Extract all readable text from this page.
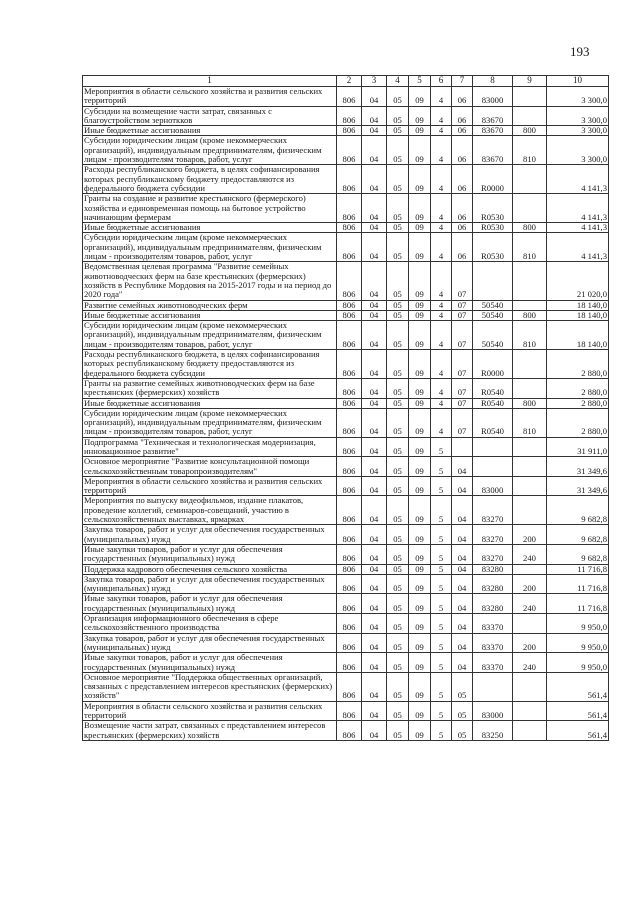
193
1	2	3	4	5	6	7	8	9	10
Мероприятия в области сельского хозяйства и развития сельских территорий	806	04	05	09	4	06	83000		3 300,0
Субсидии на возмещение части затрат, связанных с благоустройством зерноткков	806	04	05	09	4	06	83670		3 300,0
Иные бюджетные ассигнования	806	04	05	09	4	06	83670	800	3 300,0
Субсидии юридическим лицам (кроме некоммерческих организаций), индивидуальным предпринимателям, физическим лицам - производителям товаров, работ, услуг	806	04	05	09	4	06	83670	810	3 300,0
Расходы республиканского бюджета, в целях софинансирования которых республиканскому бюджету предоставляются из федерального бюджета субсидии	806	04	05	09	4	06	R0000		4 141,3
Гранты на создание и развитие крестьянского (фермерского) хозяйства и единовременная помощь на бытовое устройство начинающим фермерам	806	04	05	09	4	06	R0530		4 141,3
Иные бюджетные ассигнования	806	04	05	09	4	06	R0530	800	4 141,3
Субсидии юридическим лицам (кроме некоммерческих организаций), индивидуальным предпринимателям, физическим лицам - производителям товаров, работ, услуг	806	04	05	09	4	06	R0530	810	4 141,3
Ведомственная целевая программа "Развитие семейных животноводческих ферм на базе крестьянских (фермерских) хозяйств в Республике Мордовия на 2015-2017 годы и на период до 2020 года"	806	04	05	09	4	07			21 020,0
Развитие семейных животноводческих ферм	806	04	05	09	4	07	50540		18 140,0
Иные бюджетные ассигнования	806	04	05	09	4	07	50540	800	18 140,0
Субсидии юридическим лицам (кроме некоммерческих организаций), индивидуальным предпринимателям, физическим лицам - производителям товаров, работ, услуг	806	04	05	09	4	07	50540	810	18 140,0
Расходы республиканского бюджета, в целях софинансирования которых республиканскому бюджету предоставляются из федерального бюджета субсидии	806	04	05	09	4	07	R0000		2 880,0
Гранты на развитие семейных животноводческих ферм на базе крестьянских (фермерских) хозяйств	806	04	05	09	4	07	R0540		2 880,0
Иные бюджетные ассигнования	806	04	05	09	4	07	R0540	800	2 880,0
Субсидии юридическим лицам (кроме некоммерческих организаций), индивидуальным предпринимателям, физическим лицам - производителям товаров, работ, услуг	806	04	05	09	4	07	R0540	810	2 880,0
Подпрограмма "Техническая и технологическая модернизация, инновационное развитие"	806	04	05	09	5				31 911,0
Основное мероприятие "Развитие консультационной помощи сельскохозяйственным товаропроизводителям"	806	04	05	09	5	04			31 349,6
Мероприятия в области сельского хозяйства и развития сельских территорий	806	04	05	09	5	04	83000		31 349,6
Мероприятия по выпуску видеофильмов, издание плакатов, проведение коллегий, семинаров-совещаний, участию в сельскохозяйственных выставках, ярмарках	806	04	05	09	5	04	83270		9 682,8
Закупка товаров, работ и услуг для обеспечения государственных (муниципальных) нужд	806	04	05	09	5	04	83270	200	9 682,8
Иные закупки товаров, работ и услуг для обеспечения государственных (муниципальных) нужд	806	04	05	09	5	04	83270	240	9 682,8
Поддержка кадрового обеспечения сельского хозяйства	806	04	05	09	5	04	83280		11 716,8
Закупка товаров, работ и услуг для обеспечения государственных (муниципальных) нужд	806	04	05	09	5	04	83280	200	11 716,8
Иные закупки товаров, работ и услуг для обеспечения государственных (муниципальных) нужд	806	04	05	09	5	04	83280	240	11 716,8
Организация информационного обеспечения в сфере сельскохозяйственного производства	806	04	05	09	5	04	83370		9 950,0
Закупка товаров, работ и услуг для обеспечения государственных (муниципальных) нужд	806	04	05	09	5	04	83370	200	9 950,0
Иные закупки товаров, работ и услуг для обеспечения государственных (муниципальных) нужд	806	04	05	09	5	04	83370	240	9 950,0
Основное мероприятие "Поддержка общественных организаций, связанных с представлением интересов крестьянских (фермерских) хозяйств"	806	04	05	09	5	05			561,4
Мероприятия в области сельского хозяйства и развития сельских территорий	806	04	05	09	5	05	83000		561,4
Возмещение части затрат, связанных с представлением интересов крестьянских (фермерских) хозяйств	806	04	05	09	5	05	83250		561,4
